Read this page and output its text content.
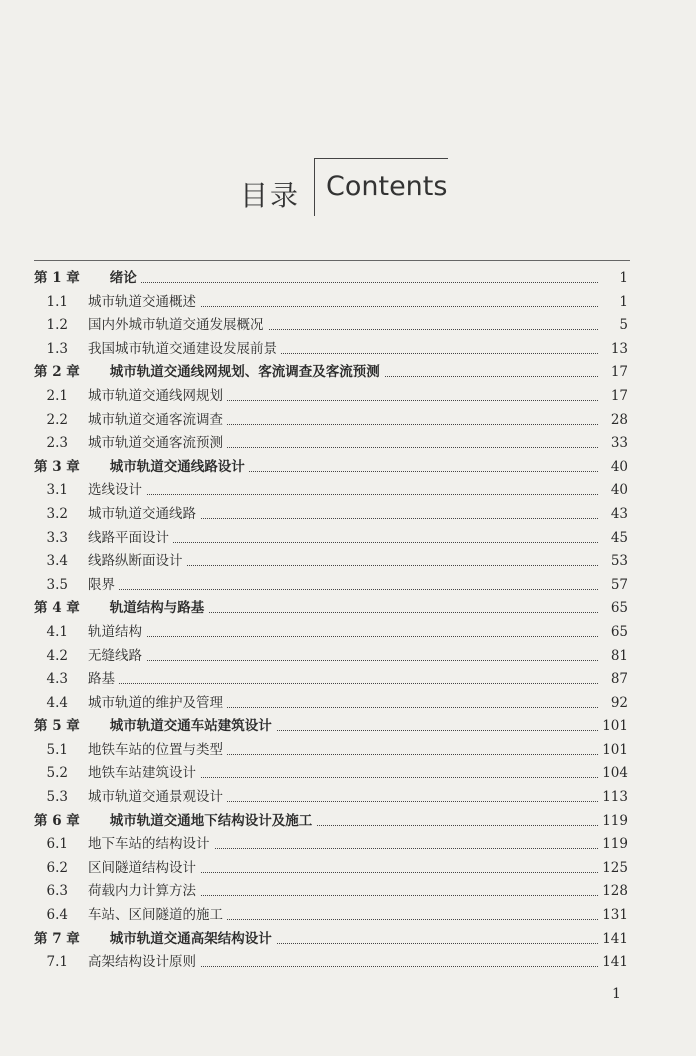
目录 Contents
第 1 章 绪论	1
1.1 城市轨道交通概述	1
1.2 国内外城市轨道交通发展概况	5
1.3 我国城市轨道交通建设发展前景	13
第 2 章 城市轨道交通线网规划、客流调查及客流预测	17
2.1 城市轨道交通线网规划	17
2.2 城市轨道交通客流调查	28
2.3 城市轨道交通客流预测	33
第 3 章 城市轨道交通线路设计	40
3.1 选线设计	40
3.2 城市轨道交通线路	43
3.3 线路平面设计	45
3.4 线路纵断面设计	53
3.5 限界	57
第 4 章 轨道结构与路基	65
4.1 轨道结构	65
4.2 无缝线路	81
4.3 路基	87
4.4 城市轨道的维护及管理	92
第 5 章 城市轨道交通车站建筑设计	101
5.1 地铁车站的位置与类型	101
5.2 地铁车站建筑设计	104
5.3 城市轨道交通景观设计	113
第 6 章 城市轨道交通地下结构设计及施工	119
6.1 地下车站的结构设计	119
6.2 区间隧道结构设计	125
6.3 荷载内力计算方法	128
6.4 车站、区间隧道的施工	131
第 7 章 城市轨道交通高架结构设计	141
7.1 高架结构设计原则	141
1
